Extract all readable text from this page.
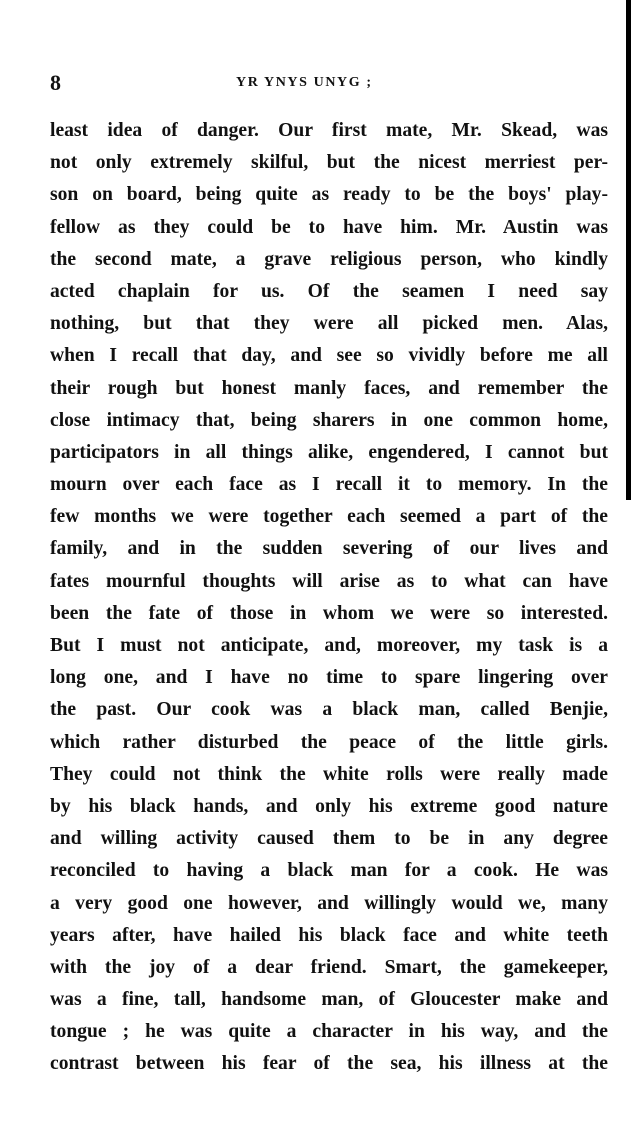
8	YR YNYS UNYG ;
least idea of danger. Our first mate, Mr. Skead, was
not only extremely skilful, but the nicest merriest per-
son on board, being quite as ready to be the boys' play-
fellow as they could be to have him. Mr. Austin was
the second mate, a grave religious person, who kindly
acted chaplain for us. Of the seamen I need say
nothing, but that they were all picked men. Alas,
when I recall that day, and see so vividly before me all
their rough but honest manly faces, and remember the
close intimacy that, being sharers in one common home,
participators in all things alike, engendered, I cannot but
mourn over each face as I recall it to memory. In the
few months we were together each seemed a part of the
family, and in the sudden severing of our lives and
fates mournful thoughts will arise as to what can have
been the fate of those in whom we were so interested.
But I must not anticipate, and, moreover, my task is a
long one, and I have no time to spare lingering over
the past. Our cook was a black man, called Benjie,
which rather disturbed the peace of the little girls.
They could not think the white rolls were really made
by his black hands, and only his extreme good nature
and willing activity caused them to be in any degree
reconciled to having a black man for a cook. He was
a very good one however, and willingly would we, many
years after, have hailed his black face and white teeth
with the joy of a dear friend. Smart, the gamekeeper,
was a fine, tall, handsome man, of Gloucester make and
tongue ; he was quite a character in his way, and the
contrast between his fear of the sea, his illness at the
